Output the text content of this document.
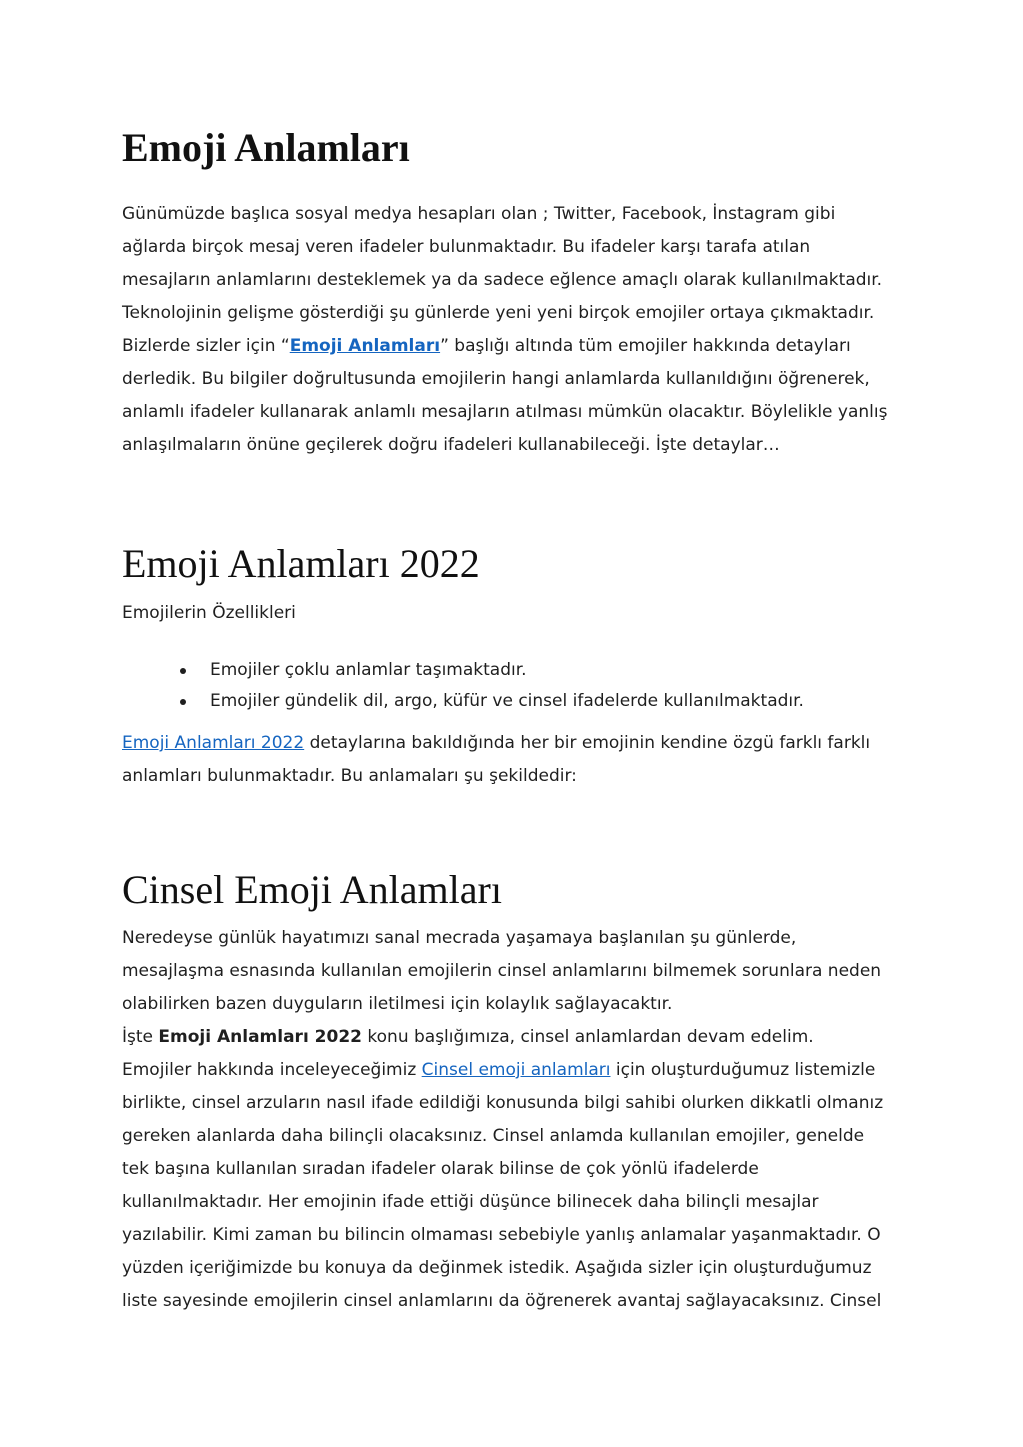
Emoji Anlamları
Günümüzde başlıca sosyal medya hesapları olan ; Twitter, Facebook, İnstagram gibi
ağlarda birçok mesaj veren ifadeler bulunmaktadır. Bu ifadeler karşı tarafa atılan
mesajların anlamlarını desteklemek ya da sadece eğlence amaçlı olarak kullanılmaktadır.
Teknolojinin gelişme gösterdiği şu günlerde yeni yeni birçok emojiler ortaya çıkmaktadır.
Bizlerde sizler için “Emoji Anlamları” başlığı altında tüm emojiler hakkında detayları
derledik. Bu bilgiler doğrultusunda emojilerin hangi anlamlarda kullanıldığını öğrenerek,
anlamlı ifadeler kullanarak anlamlı mesajların atılması mümkün olacaktır. Böylelikle yanlış
anlaşılmaların önüne geçilerek doğru ifadeleri kullanabileceği. İşte detaylar…
Emoji Anlamları 2022
Emojilerin Özellikleri
Emojiler çoklu anlamlar taşımaktadır.
Emojiler gündelik dil, argo, küfür ve cinsel ifadelerde kullanılmaktadır.
Emoji Anlamları 2022 detaylarına bakıldığında her bir emojinin kendine özgü farklı farklı
anlamları bulunmaktadır. Bu anlamaları şu şekildedir:
Cinsel Emoji Anlamları
Neredeyse günlük hayatımızı sanal mecrada yaşamaya başlanılan şu günlerde,
mesajlaşma esnasında kullanılan emojilerin cinsel anlamlarını bilmemek sorunlara neden
olabilirken bazen duyguların iletilmesi için kolaylık sağlayacaktır.
İşte Emoji Anlamları 2022 konu başlığımıza, cinsel anlamlardan devam edelim.
Emojiler hakkında inceleyeceğimiz Cinsel emoji anlamları için oluşturduğumuz listemizle
birlikte, cinsel arzuların nasıl ifade edildiği konusunda bilgi sahibi olurken dikkatli olmanız
gereken alanlarda daha bilinçli olacaksınız. Cinsel anlamda kullanılan emojiler, genelde
tek başına kullanılan sıradan ifadeler olarak bilinse de çok yönlü ifadelerde
kullanılmaktadır. Her emojinin ifade ettiği düşünce bilinecek daha bilinçli mesajlar
yazılabilir. Kimi zaman bu bilincin olmaması sebebiyle yanlış anlamalar yaşanmaktadır. O
yüzden içeriğimizde bu konuya da değinmek istedik. Aşağıda sizler için oluşturduğumuz
liste sayesinde emojilerin cinsel anlamlarını da öğrenerek avantaj sağlayacaksınız. Cinsel
